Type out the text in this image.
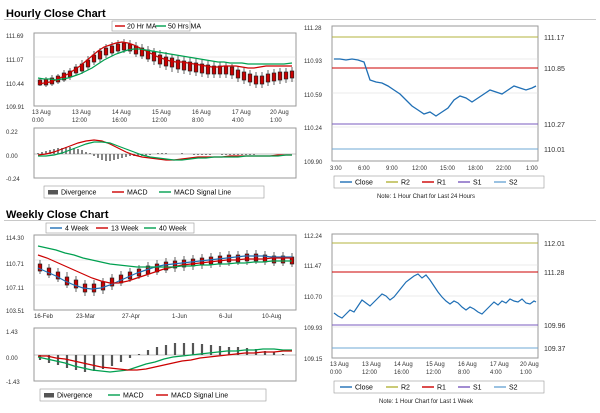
Hourly Close Chart
20 Hr MA 50 Hrs MA
111.69
111.07
110.44
109.91
13 Aug
0:00
13 Aug
12:00
14 Aug
16:00
15 Aug
12:00
16 Aug
8:00
17 Aug
4:00
20 Aug
1:00
0.22
0.00
-0.24
Divergence	MACD	MACD Signal Line
111.28
110.93
110.59
110.24
109.90
111.17
110.85
110.27
110.01
3:00	6:00	9:00 12:00 15:00 18:00 22:00 1:00
Close	R2	R1	S1	S2
Note: 1 Hour Chart for Last 24 Hours
Weekly Close Chart
4 Week	13 Week	40 Week
114.30
110.71
107.11
103.51
16-Feb	23-Mar	27-Apr	1-Jun	6-Jul	10-Aug
1.43
0.00
-1.43
Divergence	MACD	MACD Signal Line
112.24
111.47
110.70
109.93
109.15
112.01
111.28
109.96
109.37
13 Aug
0:00
13 Aug
12:00
14 Aug
16:00
15 Aug
12:00
16 Aug
8:00
17 Aug
4:00
20 Aug
1:00
Close	R2	R1	S1	S2
Note: 1 Hour Chart for Last 1 Week
